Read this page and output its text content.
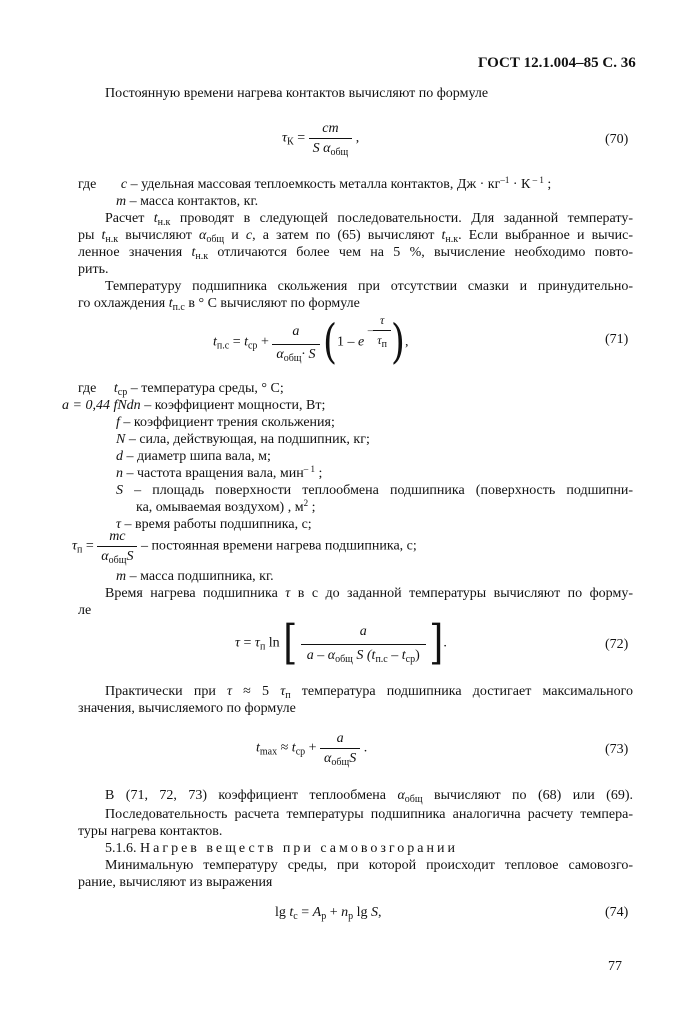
ГОСТ 12.1.004–85 С. 36
Постоянную времени нагрева контактов вычисляют по формуле
$\tau_К = \frac{cm}{S \alpha_{общ}}$ ,	(70)
где c – удельная массовая теплоемкость металла контактов, Дж · $кг^{-1} \cdot К$ $^{- 1}$ ;
m – масса контактов, кг.
Расчет $t_{н.к}$ проводят в следующей последовательности. Для заданной температу-
ры $t_{н.к}$ вычисляют $\alpha_{общ}$ и c, а затем по (65) вычисляют $t_{н.к}$. Если выбранное и вычис-
ленное значения $t_{н.к}$ отличаются более чем на 5 %, вычисление необходимо повто-
рить.
Температуру подшипника скольжения при отсутствии смазки и принудительно-
го охлаждения $t_{п.с}$ в ° С вычисляют по формуле
$t_{п.с} = t_{ср} + \frac{a}{\alpha_{общ}\cdot S} (1 - e - \frac{\tau}{\tau_п}$ ),	(71)
где $t_{ср}$ – температура среды, ° С;
a = 0,44 fNdn – коэффициент мощности, Вт;
f – коэффициент трения скольжения;
N – сила, действующая, на подшипник, кг;
d – диаметр шипа вала, м;
n – частота вращения вала, мин$^{- 1}$ ;
S – площадь поверхности теплообмена подшипника (поверхность подшипни-
ка, омываемая воздухом) , $м^2$ ;
τ – время работы подшипника, с;
$\tau_п = \frac{mc}{\alpha_{общ}S}$ – постоянная времени нагрева подшипника, с;
m – масса подшипника, кг.
Время нагрева подшипника τ в с до заданной температуры вычисляют по форму-
ле
$\tau = \tau_п$ ln [ $\frac{a}{a - \alpha_{общ} S (t_{п.с} - t_{ср})}$ ].	(72)
Практически при τ ≈ 5 $\tau_п$ температура подшипника достигает максимального
значения, вычисляемого по формуле
$t_{max} \approx t_{ср} + \frac{a}{\alpha_{общ}S}$ .	(73)
В (71, 72, 73) коэффициент теплообмена $\alpha_{общ}$ вычисляют по (68) или (69).
Последовательность расчета температуры подшипника аналогична расчету темпера-
туры нагрева контактов.
5.1.6. Нагрев веществ при самовозгорании
Минимальную температуру среды, при которой происходит тепловое самовозго-
рание, вычисляют из выражения
$\lg t_c = A_p + n_p$ lg S,	(74)
77
